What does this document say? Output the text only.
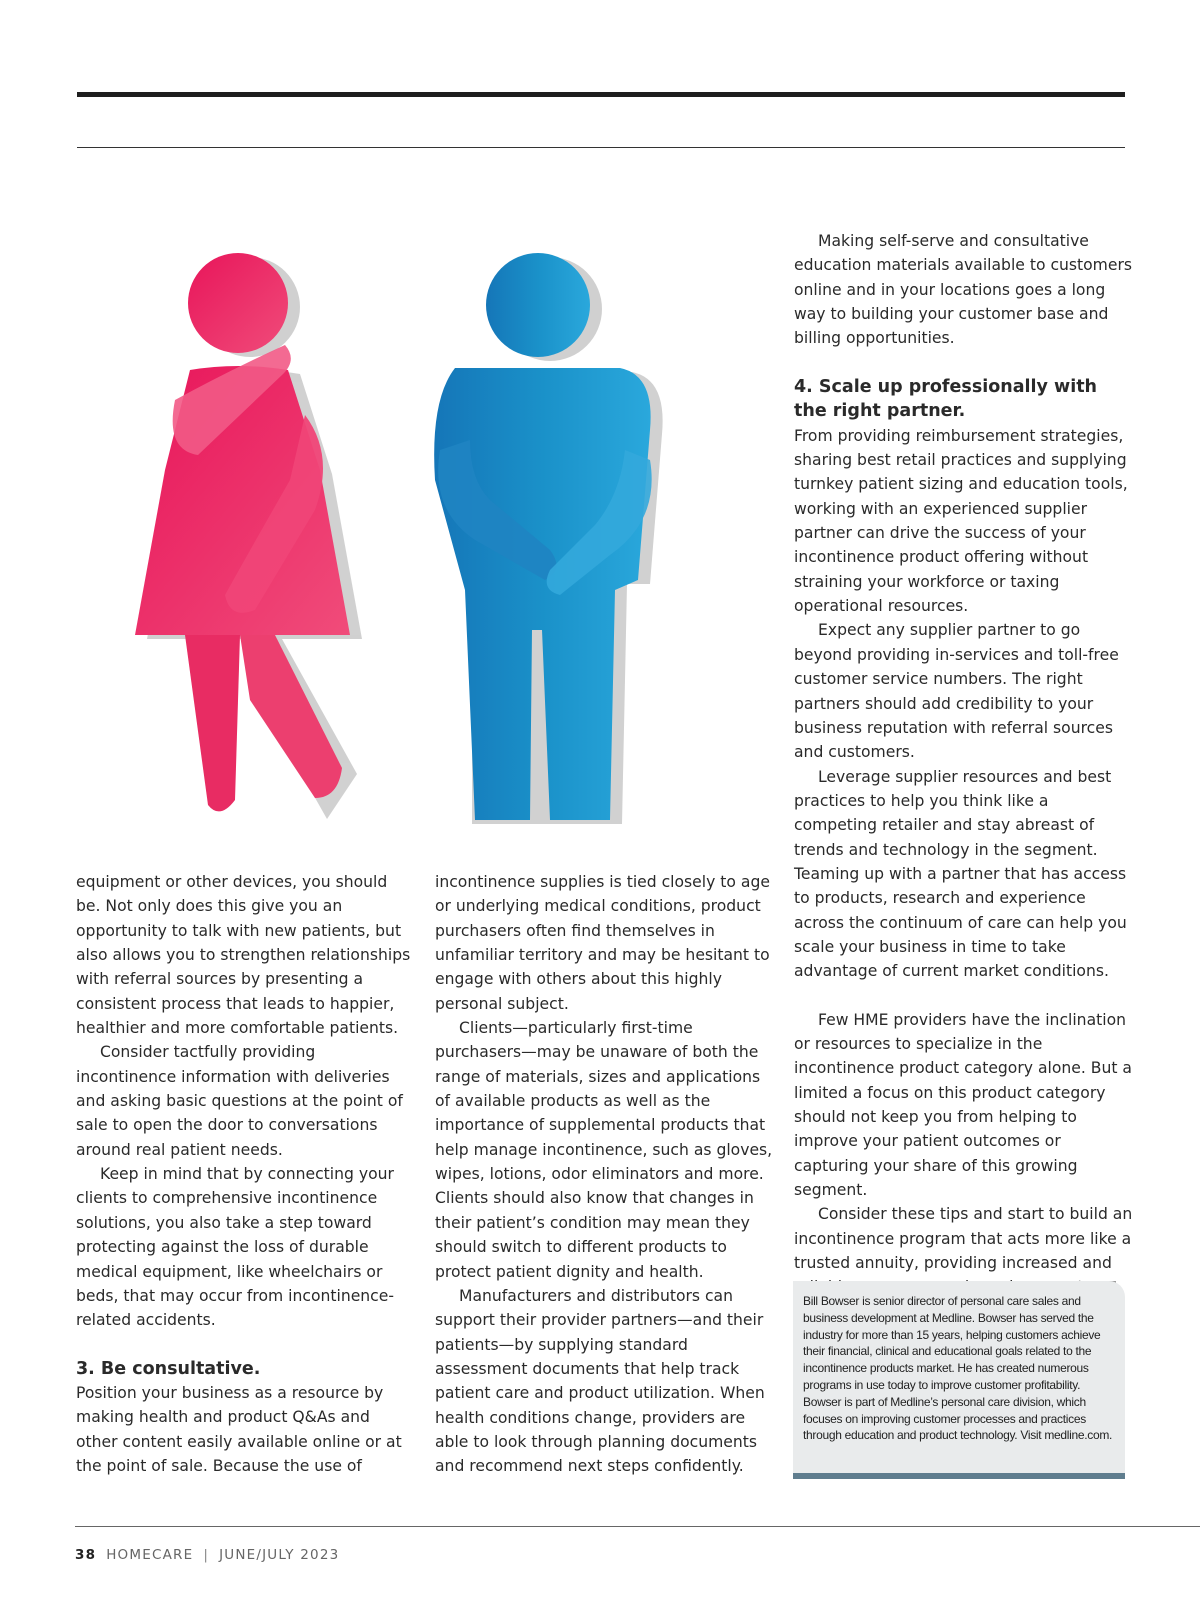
equipment or other devices, you should be. Not only does this give you an opportunity to talk with new patients, but also allows you to strengthen relationships with referral sources by presenting a consistent process that leads to happier, healthier and more comfortable patients.

Consider tactfully providing incontinence information with deliveries and asking basic questions at the point of sale to open the door to conversations around real patient needs.

Keep in mind that by connecting your clients to comprehensive incontinence solutions, you also take a step toward protecting against the loss of durable medical equipment, like wheelchairs or beds, that may occur from incontinence-related accidents.

3. Be consultative.

Position your business as a resource by making health and product Q&As and other content easily available online or at the point of sale. Because the use of

incontinence supplies is tied closely to age or underlying medical conditions, product purchasers often find themselves in unfamiliar territory and may be hesitant to engage with others about this highly personal subject.

Clients—particularly first-time purchasers—may be unaware of both the range of materials, sizes and applications of available products as well as the importance of supplemental products that help manage incontinence, such as gloves, wipes, lotions, odor eliminators and more. Clients should also know that changes in their patient’s condition may mean they should switch to different products to protect patient dignity and health.

Manufacturers and distributors can support their provider partners—and their patients—by supplying standard assessment documents that help track patient care and product utilization. When health conditions change, providers are able to look through planning documents and recommend next steps confidently.

Making self-serve and consultative education materials available to customers online and in your locations goes a long way to building your customer base and billing opportunities.

4. Scale up professionally with the right partner.

From providing reimbursement strategies, sharing best retail practices and supplying turnkey patient sizing and education tools, working with an experienced supplier partner can drive the success of your incontinence product offering without straining your workforce or taxing operational resources.

Expect any supplier partner to go beyond providing in-services and toll-free customer service numbers. The right partners should add credibility to your business reputation with referral sources and customers.

Leverage supplier resources and best practices to help you think like a competing retailer and stay abreast of trends and technology in the segment. Teaming up with a partner that has access to products, research and experience across the continuum of care can help you scale your business in time to take advantage of current market conditions.

Few HME providers have the inclination or resources to specialize in the incontinence product category alone. But a limited a focus on this product category should not keep you from helping to improve your patient outcomes or capturing your share of this growing segment.

Consider these tips and start to build an incontinence program that acts more like a trusted annuity, providing increased and

Bill Bowser is senior director of personal care sales and business development at Medline. Bowser has served the industry for more than 15 years, helping customers achieve their financial, clinical and educational goals related to the incontinence products market. He has created numerous programs in use today to improve customer profitability. Bowser is part of Medline’s personal care division, which focuses on improving customer processes and practices through education and product technology. Visit medline.com.

38 HOMECARE | JUNE/JULY 2023
